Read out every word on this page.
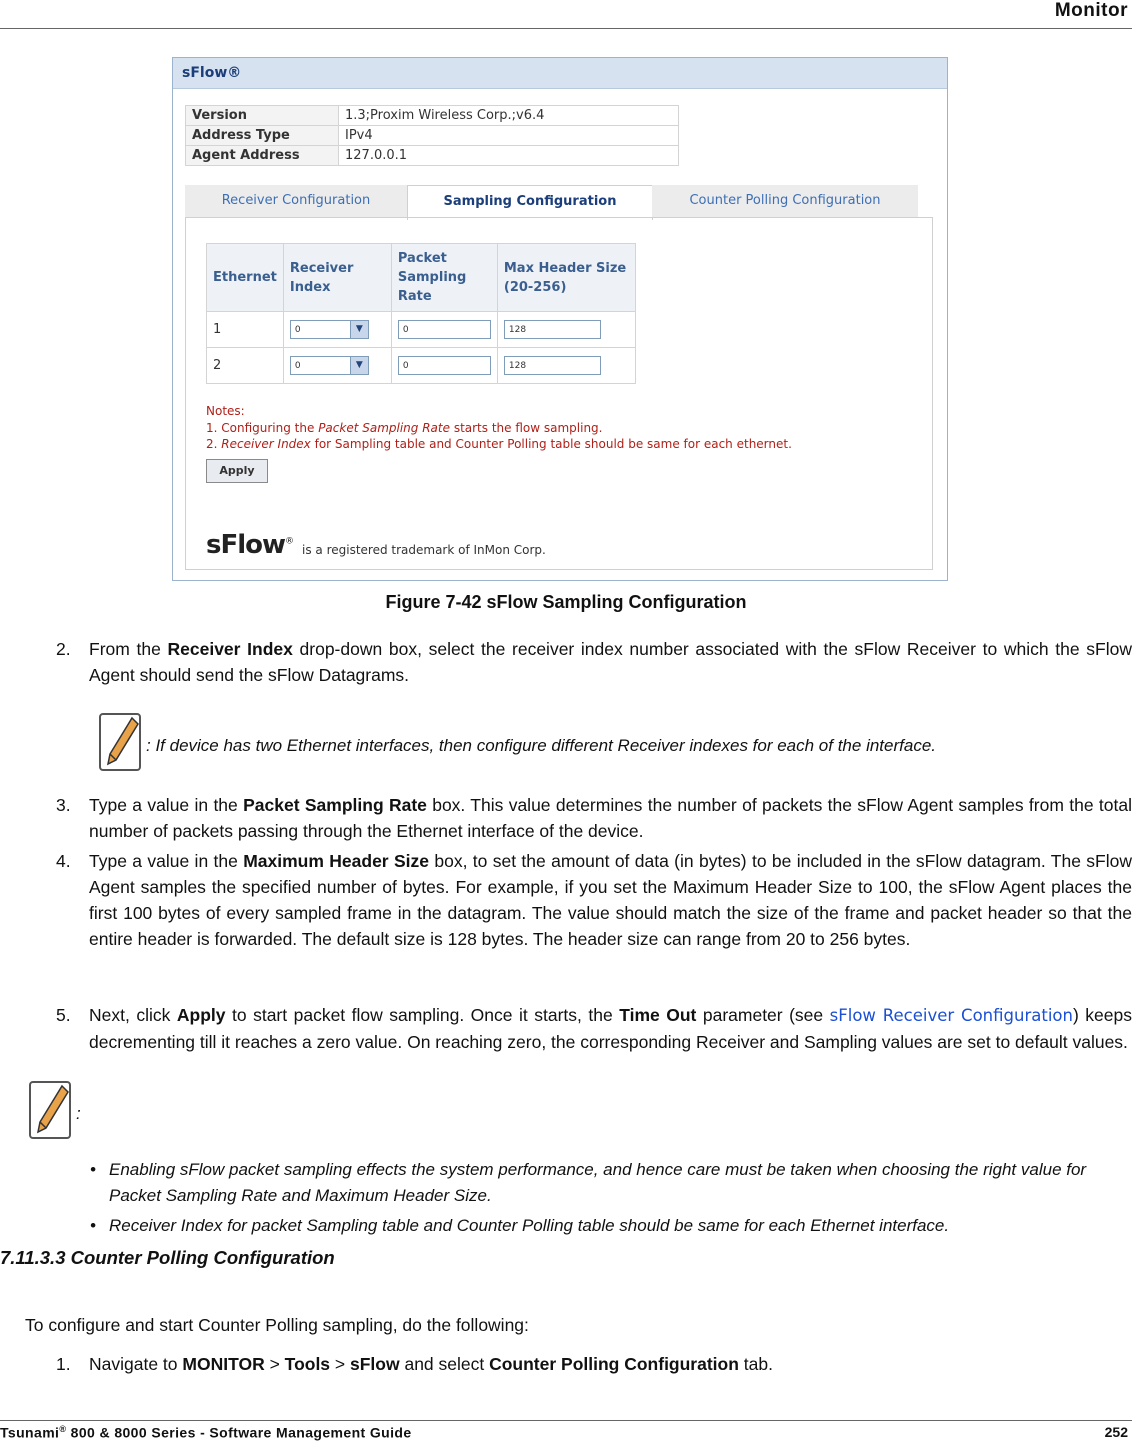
Monitor
sFlow®
Version	1.3;Proxim Wireless Corp.;v6.4
Address Type	IPv4
Agent Address	127.0.0.1
Receiver Configuration	Sampling Configuration	Counter Polling Configuration
Ethernet	Receiver Index	Packet Sampling Rate	Max Header Size (20-256)
1	0 ▼	0	128

2	0 ▼	0	128
Notes:
1. Configuring the Packet Sampling Rate starts the flow sampling.
2. Receiver Index for Sampling table and Counter Polling table should be same for each ethernet.
Apply
sFlow®
is a registered trademark of InMon Corp.
Figure 7-42 sFlow Sampling Configuration
2. From the Receiver Index drop-down box, select the receiver index number associated with the sFlow Receiver to which the sFlow Agent should send the sFlow Datagrams.
: If device has two Ethernet interfaces, then configure different Receiver indexes for each of the interface.
3. Type a value in the Packet Sampling Rate box. This value determines the number of packets the sFlow Agent samples from the total number of packets passing through the Ethernet interface of the device.
4. Type a value in the Maximum Header Size box, to set the amount of data (in bytes) to be included in the sFlow datagram. The sFlow Agent samples the specified number of bytes. For example, if you set the Maximum Header Size to 100, the sFlow Agent places the first 100 bytes of every sampled frame in the datagram. The value should match the size of the frame and packet header so that the entire header is forwarded. The default size is 128 bytes. The header size can range from 20 to 256 bytes.
5. Next, click Apply to start packet flow sampling. Once it starts, the Time Out parameter (see sFlow Receiver Configuration) keeps decrementing till it reaches a zero value. On reaching zero, the corresponding Receiver and Sampling values are set to default values.
:
• Enabling sFlow packet sampling effects the system performance, and hence care must be taken when choosing the right value for Packet Sampling Rate and Maximum Header Size.
• Receiver Index for packet Sampling table and Counter Polling table should be same for each Ethernet interface.
7.11.3.3 Counter Polling Configuration
To configure and start Counter Polling sampling, do the following:
1. Navigate to MONITOR > Tools > sFlow and select Counter Polling Configuration tab.
Tsunami® 800 & 8000 Series - Software Management Guide	252
